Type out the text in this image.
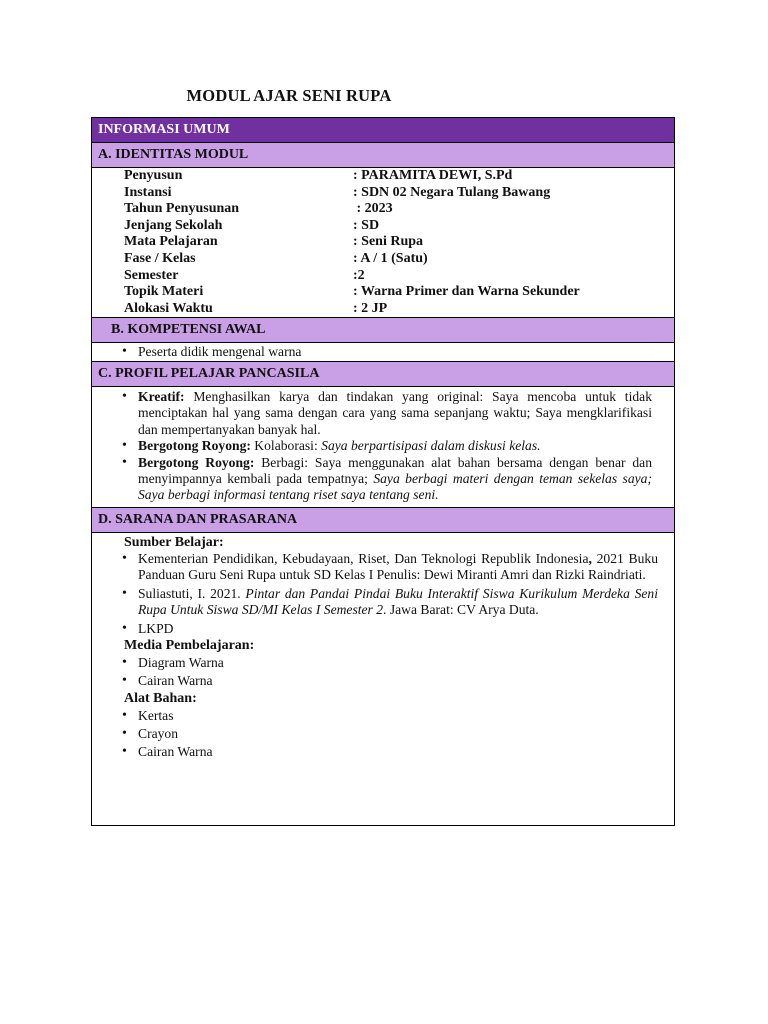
MODUL AJAR SENI RUPA
INFORMASI UMUM
A. IDENTITAS MODUL
Penyusun	: PARAMITA DEWI, S.Pd
Instansi	: SDN 02 Negara Tulang Bawang
Tahun Penyusunan	: 2023
Jenjang Sekolah	: SD
Mata Pelajaran	: Seni Rupa
Fase / Kelas	: A / 1 (Satu)
Semester	:2
Topik Materi	: Warna Primer dan Warna Sekunder
Alokasi Waktu	: 2 JP
B. KOMPETENSI AWAL
• Peserta didik mengenal warna
C. PROFIL PELAJAR PANCASILA
• Kreatif: Menghasilkan karya dan tindakan yang original: Saya mencoba untuk tidak menciptakan hal yang sama dengan cara yang sama sepanjang waktu; Saya mengklarifikasi dan mempertanyakan banyak hal.
• Bergotong Royong: Kolaborasi: Saya berpartisipasi dalam diskusi kelas.
• Bergotong Royong: Berbagi: Saya menggunakan alat bahan bersama dengan benar dan menyimpannya kembali pada tempatnya; Saya berbagi materi dengan teman sekelas saya; Saya berbagi informasi tentang riset saya tentang seni.
D. SARANA DAN PRASARANA
Sumber Belajar:
• Kementerian Pendidikan, Kebudayaan, Riset, Dan Teknologi Republik Indonesia, 2021 Buku Panduan Guru Seni Rupa untuk SD Kelas I Penulis: Dewi Miranti Amri dan Rizki Raindriati.
• Suliastuti, I. 2021. Pintar dan Pandai Pindai Buku Interaktif Siswa Kurikulum Merdeka Seni Rupa Untuk Siswa SD/MI Kelas I Semester 2. Jawa Barat: CV Arya Duta.
• LKPD
Media Pembelajaran:
• Diagram Warna
• Cairan Warna
Alat Bahan:
• Kertas
• Crayon
• Cairan Warna
